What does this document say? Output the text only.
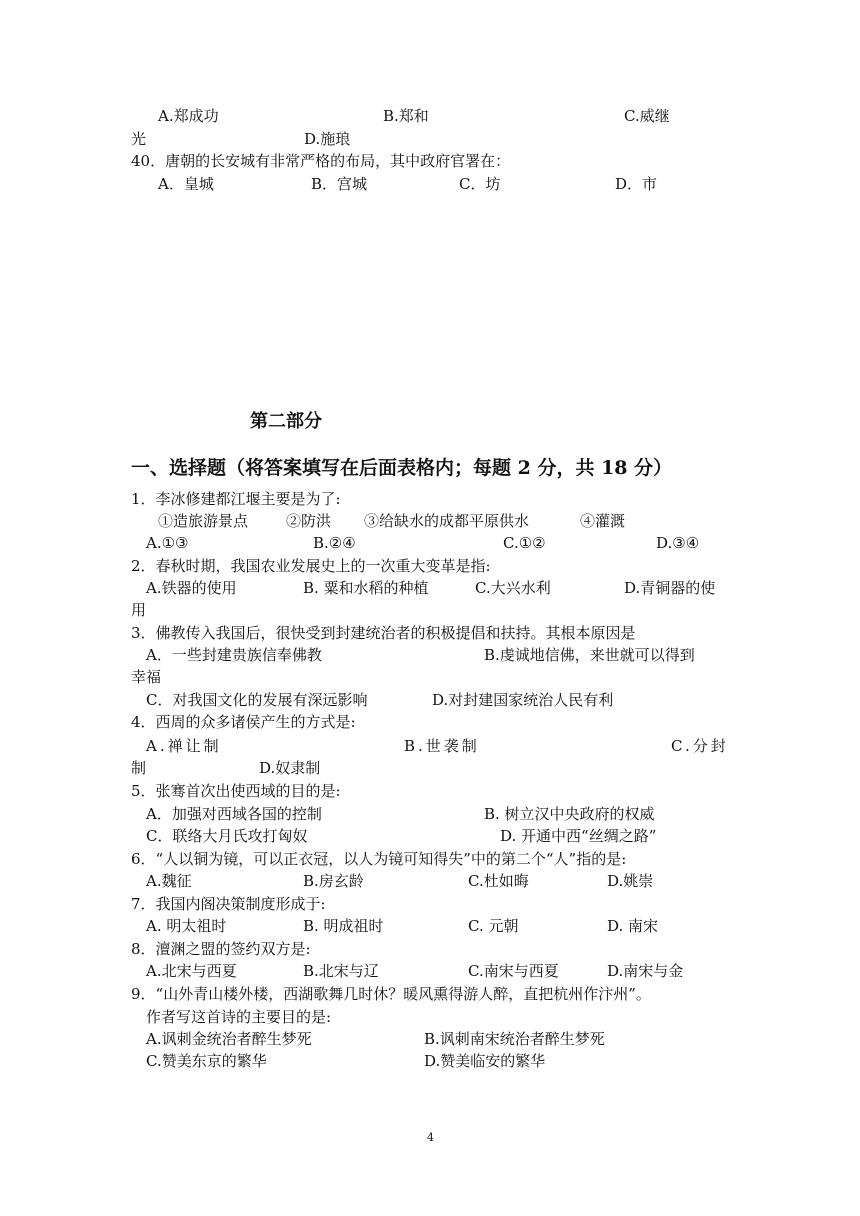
A.郑成功	B.郑和	C.威继
光	D.施琅
40．唐朝的长安城有非常严格的布局，其中政府官署在：
A．皇城	B．宫城	C．坊	D．市
第二部分
一、选择题（将答案填写在后面表格内；每题 2 分，共 18 分）
1．李冰修建都江堰主要是为了:
①造旅游景点	②防洪 ③给缺水的成都平原供水	④灌溉
A.①③	B.②④	C.①②	D.③④
2．春秋时期，我国农业发展史上的一次重大变革是指:
A.铁器的使用	B. 粟和水稻的种植	C.大兴水利	D.青铜器的使
用
3．佛教传入我国后，很快受到封建统治者的积极提倡和扶持。其根本原因是
A．一些封建贵族信奉佛教	B.虔诚地信佛，来世就可以得到
幸福
C．对我国文化的发展有深远影响	D.对封建国家统治人民有利
4．西周的众多诸侯产生的方式是:
A.禅让制	B.世袭制	C.分封
制	D.奴隶制
5．张骞首次出使西域的目的是:
A．加强对西域各国的控制	B. 树立汉中央政府的权威
C．联络大月氏攻打匈奴	D. 开通中西“丝绸之路”
6．“人以铜为镜，可以正衣冠，以人为镜可知得失”中的第二个“人”指的是:
A.魏征	B.房玄龄	C.杜如晦	D.姚崇
7．我国内阁决策制度形成于:
A. 明太祖时	B. 明成祖时	C. 元朝	D. 南宋
8．澶渊之盟的签约双方是:
A.北宋与西夏	B.北宋与辽	C.南宋与西夏	D.南宋与金
9．“山外青山楼外楼，西湖歌舞几时休？暖风熏得游人醉，直把杭州作汴州”。
作者写这首诗的主要目的是:
A.讽刺金统治者醉生梦死	B.讽刺南宋统治者醉生梦死
C.赞美东京的繁华	D.赞美临安的繁华
4
